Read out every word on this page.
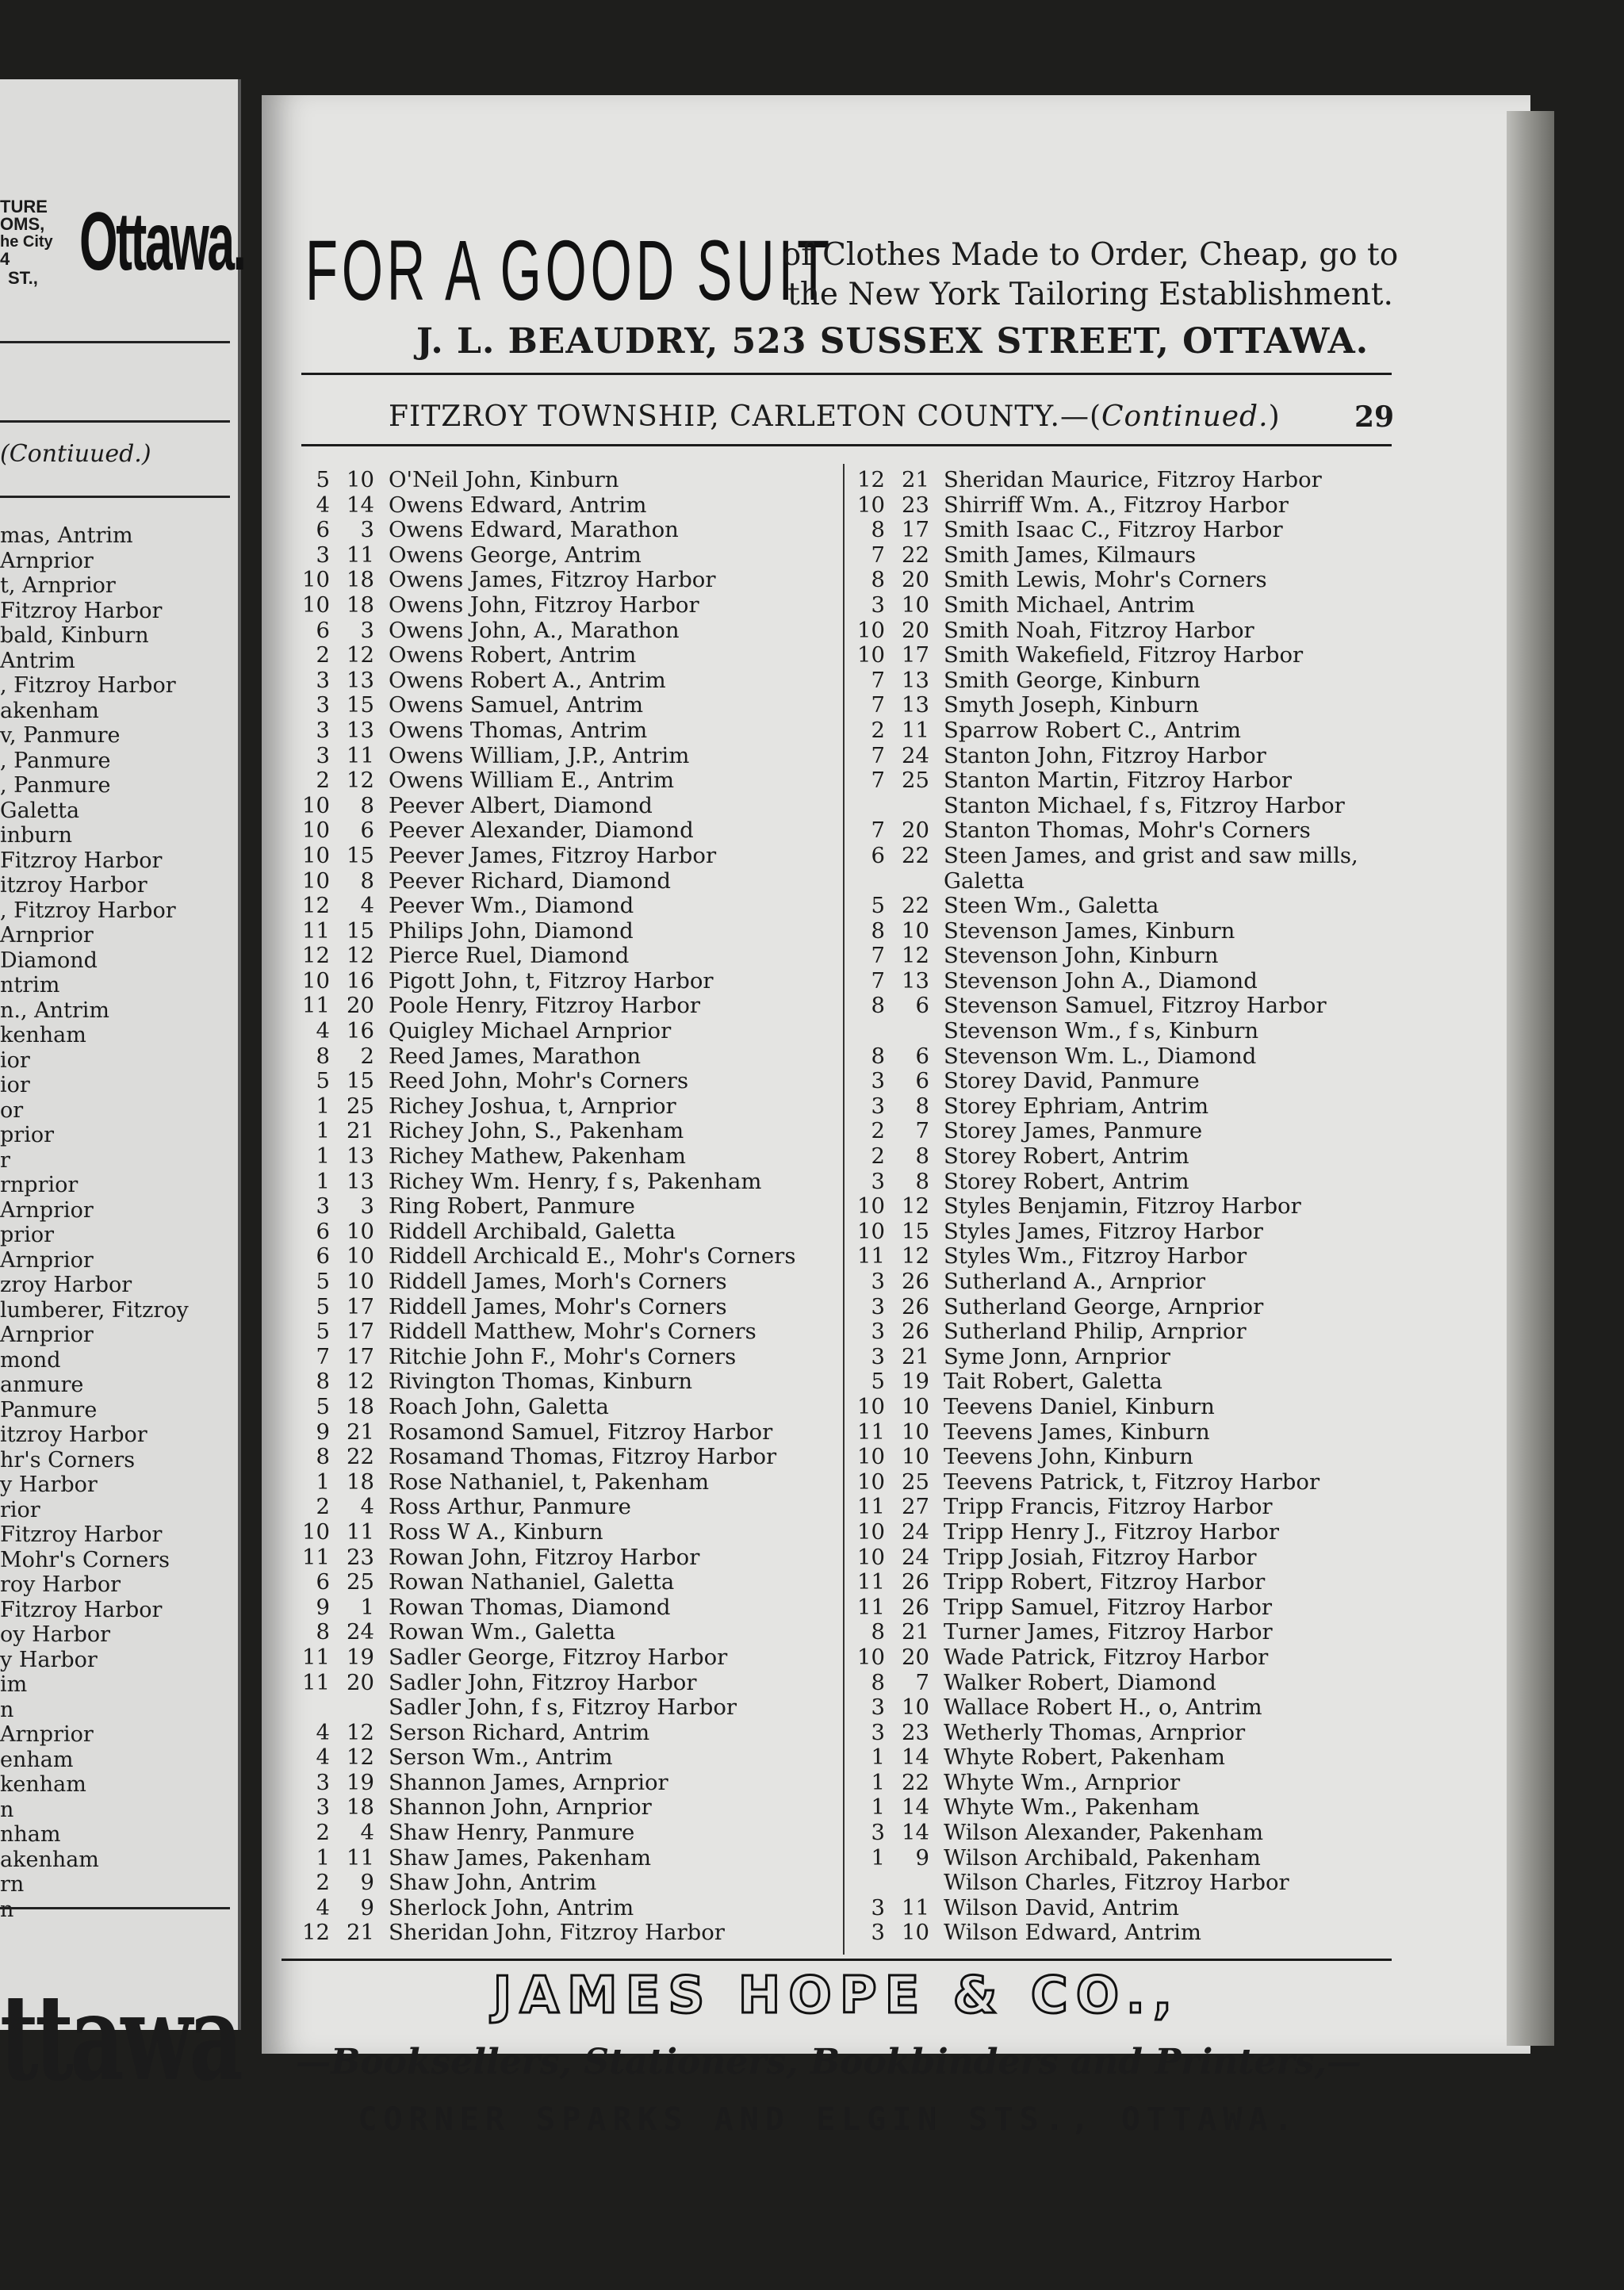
TURE
OMS,
he City
4
ST., Ottawa.
(Contiuued.)
mas, Antrim
Arnprior
t, Arnprior
Fitzroy Harbor
bald, Kinburn
Antrim
, Fitzroy Harbor
akenham
v, Panmure
, Panmure
, Panmure
Galetta
inburn
Fitzroy Harbor
itzroy Harbor
, Fitzroy Harbor
Arnprior
Diamond
ntrim
n., Antrim
kenham
ior
ior
or
prior
r
rnprior
Arnprior
prior
Arnprior
zroy Harbor
lumberer, Fitzroy
Arnprior
mond
anmure
Panmure
itzroy Harbor
hr's Corners
y Harbor
rior
Fitzroy Harbor
Mohr's Corners
roy Harbor
Fitzroy Harbor
oy Harbor
y Harbor
im
n
Arnprior
enham
kenham
n
nham
akenham
rn
n
ttawa
FOR A GOOD SUIT
of Clothes Made to Order, Cheap, go to
the New York Tailoring Establishment.
J. L. BEAUDRY, 523 SUSSEX STREET, OTTAWA.
FITZROY TOWNSHIP, CARLETON COUNTY.—(Continued.)	29
5 10 O'Neil John, Kinburn
4 14 Owens Edward, Antrim
6	3 Owens Edward, Marathon
3 11 Owens George, Antrim
10 18 Owens James, Fitzroy Harbor
10 18 Owens John, Fitzroy Harbor
6	3 Owens John, A., Marathon
2 12 Owens Robert, Antrim
3 13 Owens Robert A., Antrim
3 15 Owens Samuel, Antrim
3 13 Owens Thomas, Antrim
3 11 Owens William, J.P., Antrim
2 12 Owens William E., Antrim
10	8 Peever Albert, Diamond
10	6 Peever Alexander, Diamond
10 15 Peever James, Fitzroy Harbor
10	8 Peever Richard, Diamond
12	4 Peever Wm., Diamond
11 15 Philips John, Diamond
12 12 Pierce Ruel, Diamond
10 16 Pigott John, t, Fitzroy Harbor
11 20 Poole Henry, Fitzroy Harbor
4 16 Quigley Michael Arnprior
8	2 Reed James, Marathon
5 15 Reed John, Mohr's Corners
1 25 Richey Joshua, t, Arnprior
1 21 Richey John, S., Pakenham
1 13 Richey Mathew, Pakenham
1 13 Richey Wm. Henry, f s, Pakenham
3	3 Ring Robert, Panmure
6 10 Riddell Archibald, Galetta
6 10 Riddell Archicald E., Mohr's Corners
5 10 Riddell James, Morh's Corners
5 17 Riddell James, Mohr's Corners
5 17 Riddell Matthew, Mohr's Corners
7 17 Ritchie John F., Mohr's Corners
8 12 Rivington Thomas, Kinburn
5 18 Roach John, Galetta
9 21 Rosamond Samuel, Fitzroy Harbor
8 22 Rosamand Thomas, Fitzroy Harbor
1 18 Rose Nathaniel, t, Pakenham
2	4 Ross Arthur, Panmure
10 11 Ross W A., Kinburn
11 23 Rowan John, Fitzroy Harbor
6 25 Rowan Nathaniel, Galetta
9	1 Rowan Thomas, Diamond
8 24 Rowan Wm., Galetta
11 19 Sadler George, Fitzroy Harbor
11 20 Sadler John, Fitzroy Harbor
Sadler John, f s, Fitzroy Harbor
4 12 Serson Richard, Antrim
4 12 Serson Wm., Antrim
3 19 Shannon James, Arnprior
3 18 Shannon John, Arnprior
2	4 Shaw Henry, Panmure
1 11 Shaw James, Pakenham
2	9 Shaw John, Antrim
4	9 Sherlock John, Antrim
12 21 Sheridan John, Fitzroy Harbor
12 21 Sheridan Maurice, Fitzroy Harbor
10 23 Shirriff Wm. A., Fitzroy Harbor
8 17 Smith Isaac C., Fitzroy Harbor
7 22 Smith James, Kilmaurs
8 20 Smith Lewis, Mohr's Corners
3 10 Smith Michael, Antrim
10 20 Smith Noah, Fitzroy Harbor
10 17 Smith Wakefield, Fitzroy Harbor
7 13 Smith George, Kinburn
7 13 Smyth Joseph, Kinburn
2 11 Sparrow Robert C., Antrim
7 24 Stanton John, Fitzroy Harbor
7 25 Stanton Martin, Fitzroy Harbor
Stanton Michael, f s, Fitzroy Harbor
7 20 Stanton Thomas, Mohr's Corners
6 22 Steen James, and grist and saw mills,
Galetta
5 22 Steen Wm., Galetta
8 10 Stevenson James, Kinburn
7 12 Stevenson John, Kinburn
7 13 Stevenson John A., Diamond
8	6 Stevenson Samuel, Fitzroy Harbor
Stevenson Wm., f s, Kinburn
8	6 Stevenson Wm. L., Diamond
3	6 Storey David, Panmure
3	8 Storey Ephriam, Antrim
2	7 Storey James, Panmure
2	8 Storey Robert, Antrim
3	8 Storey Robert, Antrim
10 12 Styles Benjamin, Fitzroy Harbor
10 15 Styles James, Fitzroy Harbor
11 12 Styles Wm., Fitzroy Harbor
3 26 Sutherland A., Arnprior
3 26 Sutherland George, Arnprior
3 26 Sutherland Philip, Arnprior
3 21 Syme Jonn, Arnprior
5 19 Tait Robert, Galetta
10 10 Teevens Daniel, Kinburn
11 10 Teevens James, Kinburn
10 10 Teevens John, Kinburn
10 25 Teevens Patrick, t, Fitzroy Harbor
11 27 Tripp Francis, Fitzroy Harbor
10 24 Tripp Henry J., Fitzroy Harbor
10 24 Tripp Josiah, Fitzroy Harbor
11 26 Tripp Robert, Fitzroy Harbor
11 26 Tripp Samuel, Fitzroy Harbor
8 21 Turner James, Fitzroy Harbor
10 20 Wade Patrick, Fitzroy Harbor
8	7 Walker Robert, Diamond
3 10 Wallace Robert H., o, Antrim
3 23 Wetherly Thomas, Arnprior
1 14 Whyte Robert, Pakenham
1 22 Whyte Wm., Arnprior
1 14 Whyte Wm., Pakenham
3 14 Wilson Alexander, Pakenham
1	9 Wilson Archibald, Pakenham
Wilson Charles, Fitzroy Harbor
3 11 Wilson David, Antrim
3 10 Wilson Edward, Antrim
JAMES HOPE & CO.,
—Booksellers, Stationers, Bookbinders and Printers,—
CORNER SPARKS AND ELGIN STS., OTTAWA.
